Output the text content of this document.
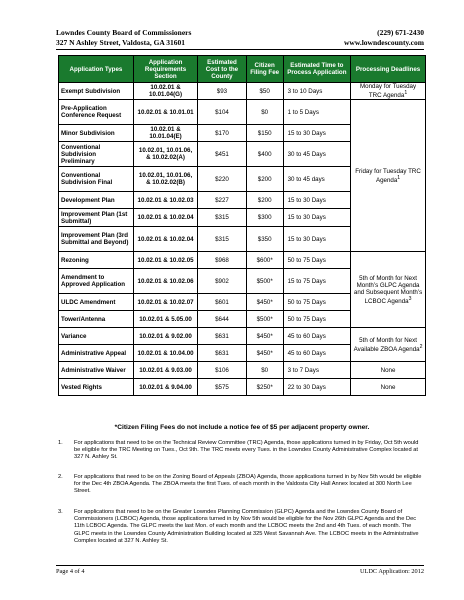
Lowndes County Board of Commissioners	(229) 671-2430
327 N Ashley Street, Valdosta, GA 31601	www.lowndescounty.com
Application Types	Application Requirements Section	Estimated Cost to the County	Citizen Filing Fee	Estimated Time to Process Application	Processing Deadlines
Exempt Subdivision	10.02.01 & 10.01.04(G)	$93	$50	3 to 10 Days	Monday for Tuesday TRC Agenda$^1$
Pre-Application Conference Request	10.02.01 & 10.01.01	$104	$0	1 to 5 Days	Friday for Tuesday TRC Agenda$^1$
Minor Subdivision	10.02.01 & 10.01.04(E)	$170	$150	15 to 30 Days	
Conventional Subdivision Preliminary	10.02.01, 10.01.06, & 10.02.02(A)	$451	$400	30 to 45 Days	
Conventional Subdivision Final	10.02.01, 10.01.06, & 10.02.02(B)	$220	$200	30 to 45 days	
Development Plan	10.02.01 & 10.02.03	$227	$200	15 to 30 Days	
Improvement Plan (1st Submittal)	10.02.01 & 10.02.04	$315	$300	15 to 30 Days	
Improvement Plan (3rd Submittal and Beyond)	10.02.01 & 10.02.04	$315	$350	15 to 30 Days	
Rezoning	10.02.01 & 10.02.05	$968	$600*	50 to 75 Days	5th of Month for Next Month’s GLPC Agenda and Subsequent Month’s LCBOC Agenda$^3$
Amendment to Approved Application	10.02.01 & 10.02.06	$902	$500*	15 to 75 Days	
ULDC Amendment	10.02.01 & 10.02.07	$601	$450*	50 to 75 Days	
Tower/Antenna	10.02.01 & 5.05.00	$644	$500*	50 to 75 Days	
Variance	10.02.01 & 9.02.00	$631	$450*	45 to 60 Days	5th of Month for Next Available ZBOA Agenda$^2$
Administrative Appeal	10.02.01 & 10.04.00	$631	$450*	45 to 60 Days	
Administrative Waiver	10.02.01 & 9.03.00	$106	$0	3 to 7 Days	None
Vested Rights	10.02.01 & 9.04.00	$575	$250*	22 to 30 Days	None
*Citizen Filing Fees do not include a notice fee of $5 per adjacent property owner.
1. For applications that need to be on the Technical Review Committee (TRC) Agenda, those applications turned in by Friday, Oct 5th would be eligible for the TRC Meeting on Tues., Oct 9th. The TRC meets every Tues. in the Lowndes County Administrative Complex located at 327 N. Ashley St.
2. For applications that need to be on the Zoning Board of Appeals (ZBOA) Agenda, those applications turned in by Nov 5th would be eligible for the Dec 4th ZBOA Agenda. The ZBOA meets the first Tues. of each month in the Valdosta City Hall Annex located at 300 North Lee Street.
3. For applications that need to be on the Greater Lowndes Planning Commission (GLPC) Agenda and the Lowndes County Board of Commissioners (LCBOC) Agenda, those applications turned in by Nov 5th would be eligible for the Nov 26th GLPC Agenda and the Dec 11th LCBOC Agenda. The GLPC meets the last Mon. of each month and the LCBOC meets the 2nd and 4th Tues. of each month. The GLPC meets in the Lowndes County Administration Building located at 325 West Savannah Ave. The LCBOC meets in the Administrative Complex located at 327 N. Ashley St.
Page 4 of 4	ULDC Application: 2012
